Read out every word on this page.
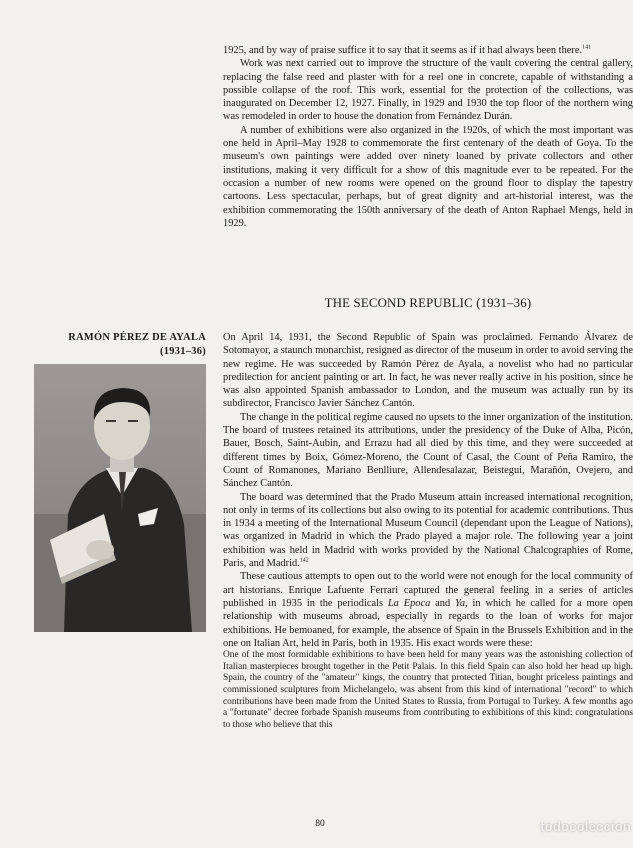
1925, and by way of praise suffice it to say that it seems as if it had always been there.$^{141}$

Work was next carried out to improve the structure of the vault covering the central gallery, replacing the false reed and plaster with for a reel one in concrete, capable of withstanding a possible collapse of the roof. This work, essential for the protection of the collections, was inaugurated on December 12, 1927. Finally, in 1929 and 1930 the top floor of the northern wing was remodeled in order to house the donation from Fernández Durán.

A number of exhibitions were also organized in the 1920s, of which the most important was one held in April–May 1928 to commemorate the first centenary of the death of Goya. To the museum's own paintings were added over ninety loaned by private collectors and other institutions, making it very difficult for a show of this magnitude ever to be repeated. For the occasion a number of new rooms were opened on the ground floor to display the tapestry cartoons. Less spectacular, perhaps, but of great dignity and art-historial interest, was the exhibition commemorating the 150th anniversary of the death of Anton Raphael Mengs, held in 1929.

THE SECOND REPUBLIC (1931–36)
RAMÓN PÉREZ DE AYALA
(1931–36)

On April 14, 1931, the Second Republic of Spain was proclaimed. Fernando Álvarez de Sotomayor, a staunch monarchist, resigned as director of the museum in order to avoid serving the new regime. He was succeeded by Ramón Pérez de Ayala, a novelist who had no particular predilection for ancient painting or art. In fact, he was never really active in his position, since he was also appointed Spanish ambassador to London, and the museum was actually run by its subdirector, Francisco Javier Sánchez Cantón.

The change in the political regime caused no upsets to the inner organization of the institution. The board of trustees retained its attributions, under the presidency of the Duke of Alba, Picón, Bauer, Bosch, Saint-Aubin, and Errazu had all died by this time, and they were succeeded at different times by Boix, Gómez-Moreno, the Count of Casal, the Count of Peña Ramiro, the Count of Romanones, Mariano Benlliure, Allendesalazar, Beistegui, Marañón, Ovejero, and Sánchez Cantón.

The board was determined that the Prado Museum attain increased international recognition, not only in terms of its collections but also owing to its potential for academic contributions. Thus in 1934 a meeting of the International Museum Council (dependant upon the League of Nations), was organized in Madrid in which the Prado played a major role. The following year a joint exhibition was held in Madrid with works provided by the National Chalcographies of Rome, Paris, and Madrid.$^{142}$

These cautious attempts to open out to the world were not enough for the local community of art historians. Enrique Lafuente Ferrari captured the general feeling in a series of articles published in 1935 in the periodicals La Epoca and Ya, in which he called for a more open relationship with museums abroad, especially in regards to the loan of works for major exhibitions. He bemoaned, for example, the absence of Spain in the Brussels Exhibition and in the one on Italian Art, held in Paris, both in 1935. His exact words were these:

One of the most formidable exhibitions to have been held for many years was the astonishing collection of Italian masterpieces brought together in the Petit Palais. In this field Spain can also hold her head up high. Spain, the country of the "amateur" kings, the country that protected Titian, bought priceless paintings and commissioned sculptures from Michelangelo, was absent from this kind of international "record" to which contributions have been made from the United States to Russia, from Portugal to Turkey. A few months ago a "fortunate" decree forbade Spanish museums from contributing to exhibitions of this kind: congratulations to those who believe that this

80	todocoleccion
